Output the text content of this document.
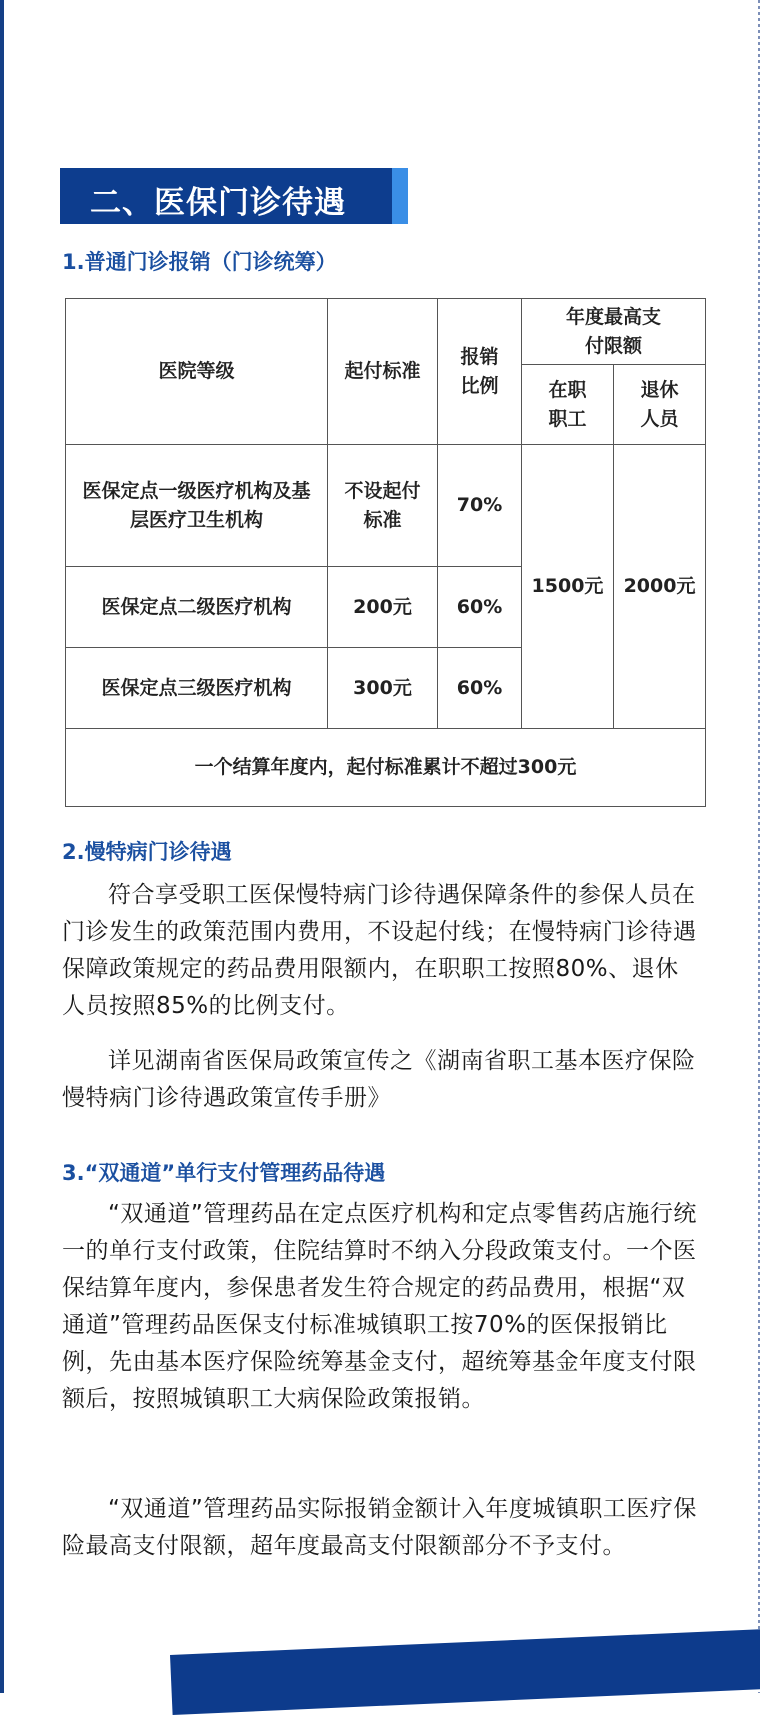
二、医保门诊待遇
1.普通门诊报销（门诊统筹）
医院等级	起付标准	报销比例	年度最高支付限额	
			在职职工	退休人员
医保定点一级医疗机构及基层医疗卫生机构	不设起付标准	70%	1500元	2000元
医保定点二级医疗机构	200元	60%		
医保定点三级医疗机构	300元	60%		
一个结算年度内，起付标准累计不超过300元				
2.慢特病门诊待遇

符合享受职工医保慢特病门诊待遇保障条件的参保人员在门诊发生的政策范围内费用，不设起付线；在慢特病门诊待遇保障政策规定的药品费用限额内，在职职工按照80%、退休人员按照85%的比例支付。

详见湖南省医保局政策宣传之《湖南省职工基本医疗保险慢特病门诊待遇政策宣传手册》

3.“双通道”单行支付管理药品待遇

“双通道”管理药品在定点医疗机构和定点零售药店施行统一的单行支付政策，住院结算时不纳入分段政策支付。一个医保结算年度内，参保患者发生符合规定的药品费用，根据“双通道”管理药品医保支付标准城镇职工按70%的医保报销比例，先由基本医疗保险统筹基金支付，超统筹基金年度支付限额后，按照城镇职工大病保险政策报销。

“双通道”管理药品实际报销金额计入年度城镇职工医疗保险最高支付限额，超年度最高支付限额部分不予支付。
